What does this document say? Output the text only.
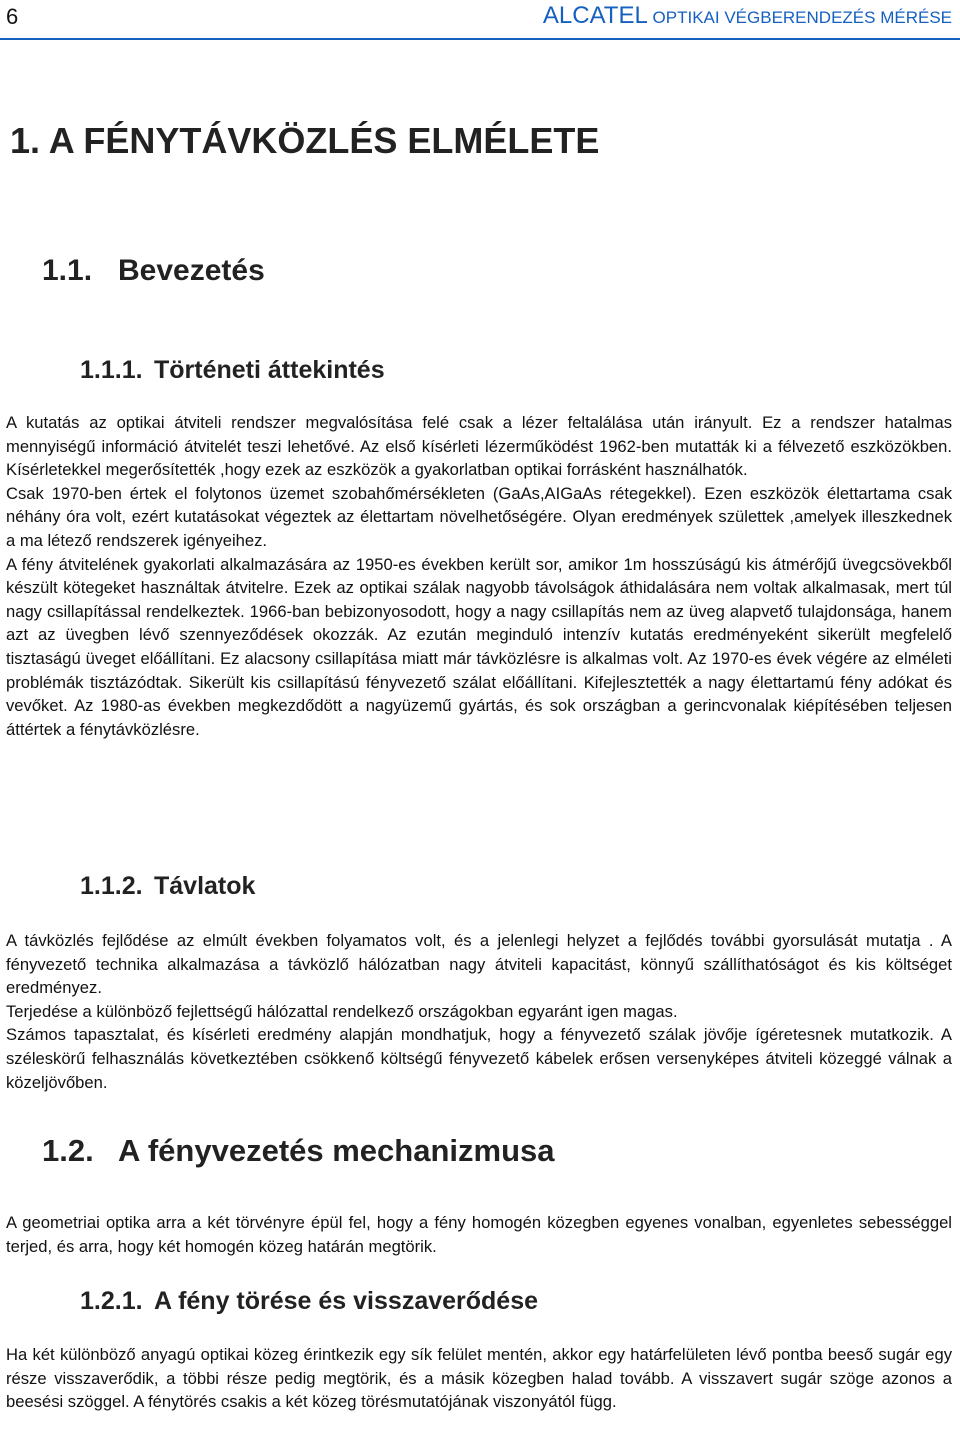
6	ALCATEL OPTIKAI VÉGBERENDEZÉS MÉRÉSE
1. A FÉNYTÁVKÖZLÉS ELMÉLETE
1.1. Bevezetés
1.1.1. Történeti áttekintés

A kutatás az optikai átviteli rendszer megvalósítása felé csak a lézer feltalálása után irányult. Ez a rendszer hatalmas mennyiségű információ átvitelét teszi lehetővé. Az első kísérleti lézerműködést 1962-ben mutatták ki a félvezető eszközökben. Kísérletekkel megerősítették ,hogy ezek az eszközök a gyakorlatban optikai forrásként használhatók.

Csak 1970-ben értek el folytonos üzemet szobahőmérsékleten (GaAs,AIGaAs rétegekkel). Ezen eszközök élettartama csak néhány óra volt, ezért kutatásokat végeztek az élettartam növelhetőségére. Olyan eredmények születtek ,amelyek illeszkednek a ma létező rendszerek igényeihez.

A fény átvitelének gyakorlati alkalmazására az 1950-es években került sor, amikor 1m hosszúságú kis átmérőjű üvegcsövekből készült kötegeket használtak átvitelre. Ezek az optikai szálak nagyobb távolságok áthidalására nem voltak alkalmasak, mert túl nagy csillapítással rendelkeztek. 1966-ban bebizonyosodott, hogy a nagy csillapítás nem az üveg alapvető tulajdonsága, hanem azt az üvegben lévő szennyeződések okozzák. Az ezután meginduló intenzív kutatás eredményeként sikerült megfelelő tisztaságú üveget előállítani. Ez alacsony csillapítása miatt már távközlésre is alkalmas volt. Az 1970-es évek végére az elméleti problémák tisztázódtak. Sikerült kis csillapítású fényvezető szálat előállítani. Kifejlesztették a nagy élettartamú fény adókat és vevőket. Az 1980-as években megkezdődött a nagyüzemű gyártás, és sok országban a gerincvonalak kiépítésében teljesen áttértek a fénytávközlésre.

1.1.2. Távlatok

A távközlés fejlődése az elmúlt években folyamatos volt, és a jelenlegi helyzet a fejlődés további gyorsulását mutatja . A fényvezető technika alkalmazása a távközlő hálózatban nagy átviteli kapacitást, könnyű szállíthatóságot és kis költséget eredményez.

Terjedése a különböző fejlettségű hálózattal rendelkező országokban egyaránt igen magas.

Számos tapasztalat, és kísérleti eredmény alapján mondhatjuk, hogy a fényvezető szálak jövője ígéretesnek mutatkozik. A széleskörű felhasználás következtében csökkenő költségű fényvezető kábelek erősen versenyképes átviteli közeggé válnak a közeljövőben.

1.2. A fényvezetés mechanizmusa

A geometriai optika arra a két törvényre épül fel, hogy a fény homogén közegben egyenes vonalban, egyenletes sebességgel terjed, és arra, hogy két homogén közeg határán megtörik.

1.2.1. A fény törése és visszaverődése

Ha két különböző anyagú optikai közeg érintkezik egy sík felület mentén, akkor egy határfelületen lévő pontba beeső sugár egy része visszaverődik, a többi része pedig megtörik, és a másik közegben halad tovább. A visszavert sugár szöge azonos a beesési szöggel. A fénytörés csakis a két közeg törésmutatójának viszonyától függ.
